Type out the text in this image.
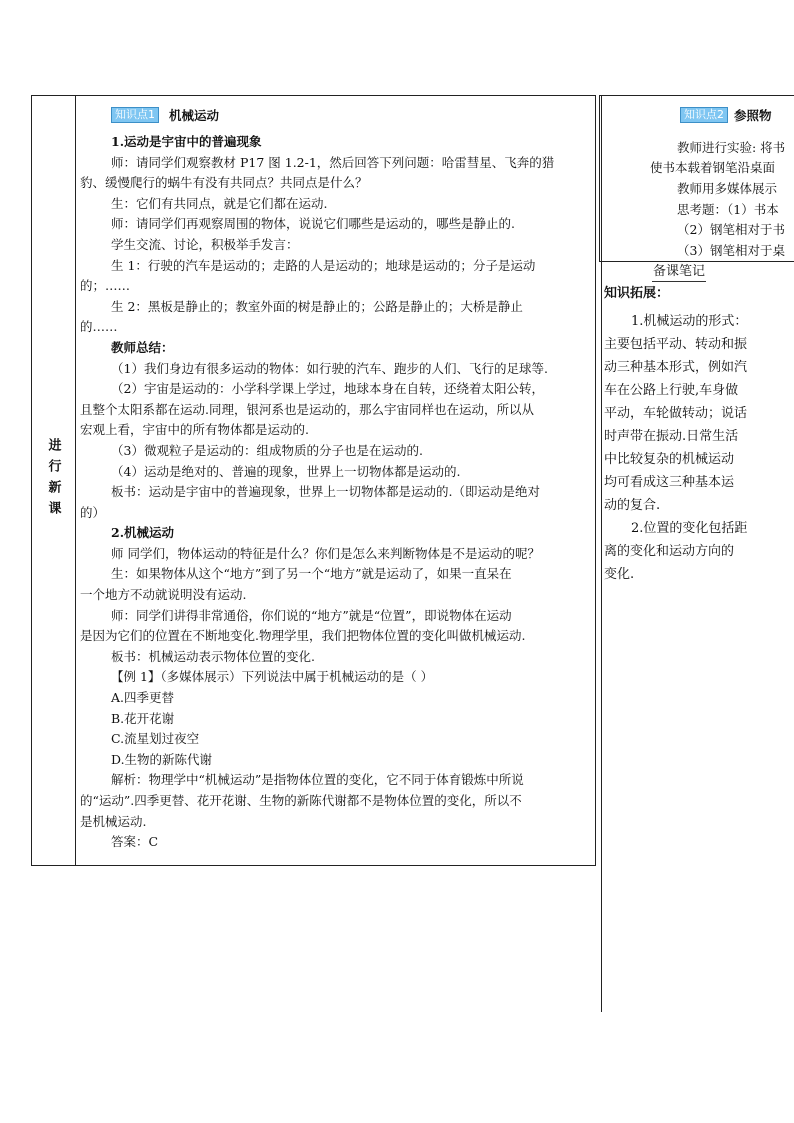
进行新课
知识点1	机械运动
1.运动是宇宙中的普遍现象
师：请同学们观察教材 P17 图 1.2-1，然后回答下列问题：哈雷彗星、飞奔的猎
豹、缓慢爬行的蜗牛有没有共同点？共同点是什么？
生：它们有共同点，就是它们都在运动.
师：请同学们再观察周围的物体，说说它们哪些是运动的，哪些是静止的.
学生交流、讨论，积极举手发言：
生 1：行驶的汽车是运动的；走路的人是运动的；地球是运动的；分子是运动
的；……
生 2：黑板是静止的；教室外面的树是静止的；公路是静止的；大桥是静止
的……
教师总结：
（1）我们身边有很多运动的物体：如行驶的汽车、跑步的人们、飞行的足球等.
（2）宇宙是运动的：小学科学课上学过，地球本身在自转，还绕着太阳公转，
且整个太阳系都在运动.同理，银河系也是运动的，那么宇宙同样也在运动，所以从
宏观上看，宇宙中的所有物体都是运动的.
（3）微观粒子是运动的：组成物质的分子也是在运动的.
（4）运动是绝对的、普遍的现象，世界上一切物体都是运动的.
板书：运动是宇宙中的普遍现象，世界上一切物体都是运动的.（即运动是绝对
的）
2.机械运动
师 同学们，物体运动的特征是什么？你们是怎么来判断物体是不是运动的呢？
生：如果物体从这个“地方”到了另一个“地方”就是运动了，如果一直呆在
一个地方不动就说明没有运动.
师：同学们讲得非常通俗，你们说的“地方”就是“位置”，即说物体在运动
是因为它们的位置在不断地变化.物理学里，我们把物体位置的变化叫做机械运动.
板书：机械运动表示物体位置的变化.
【例 1】（多媒体展示）下列说法中属于机械运动的是（ ）
A.四季更替
B.花开花谢
C.流星划过夜空
D.生物的新陈代谢
解析：物理学中“机械运动”是指物体位置的变化，它不同于体育锻炼中所说
的“运动”.四季更替、花开花谢、生物的新陈代谢都不是物体位置的变化，所以不
是机械运动.
答案：C
知识点2 参照物
教师进行实验: 将书
使书本载着钢笔沿桌面
教师用多媒体展示
思考题：（1）书本
（2）钢笔相对于书
（3）钢笔相对于桌
备课笔记
知识拓展：
1.机械运动的形式：
主要包括平动、转动和振
动三种基本形式，例如汽
车在公路上行驶,车身做
平动，车轮做转动；说话
时声带在振动.日常生活
中比较复杂的机械运动
均可看成这三种基本运
动的复合.
2.位置的变化包括距
离的变化和运动方向的
变化.
